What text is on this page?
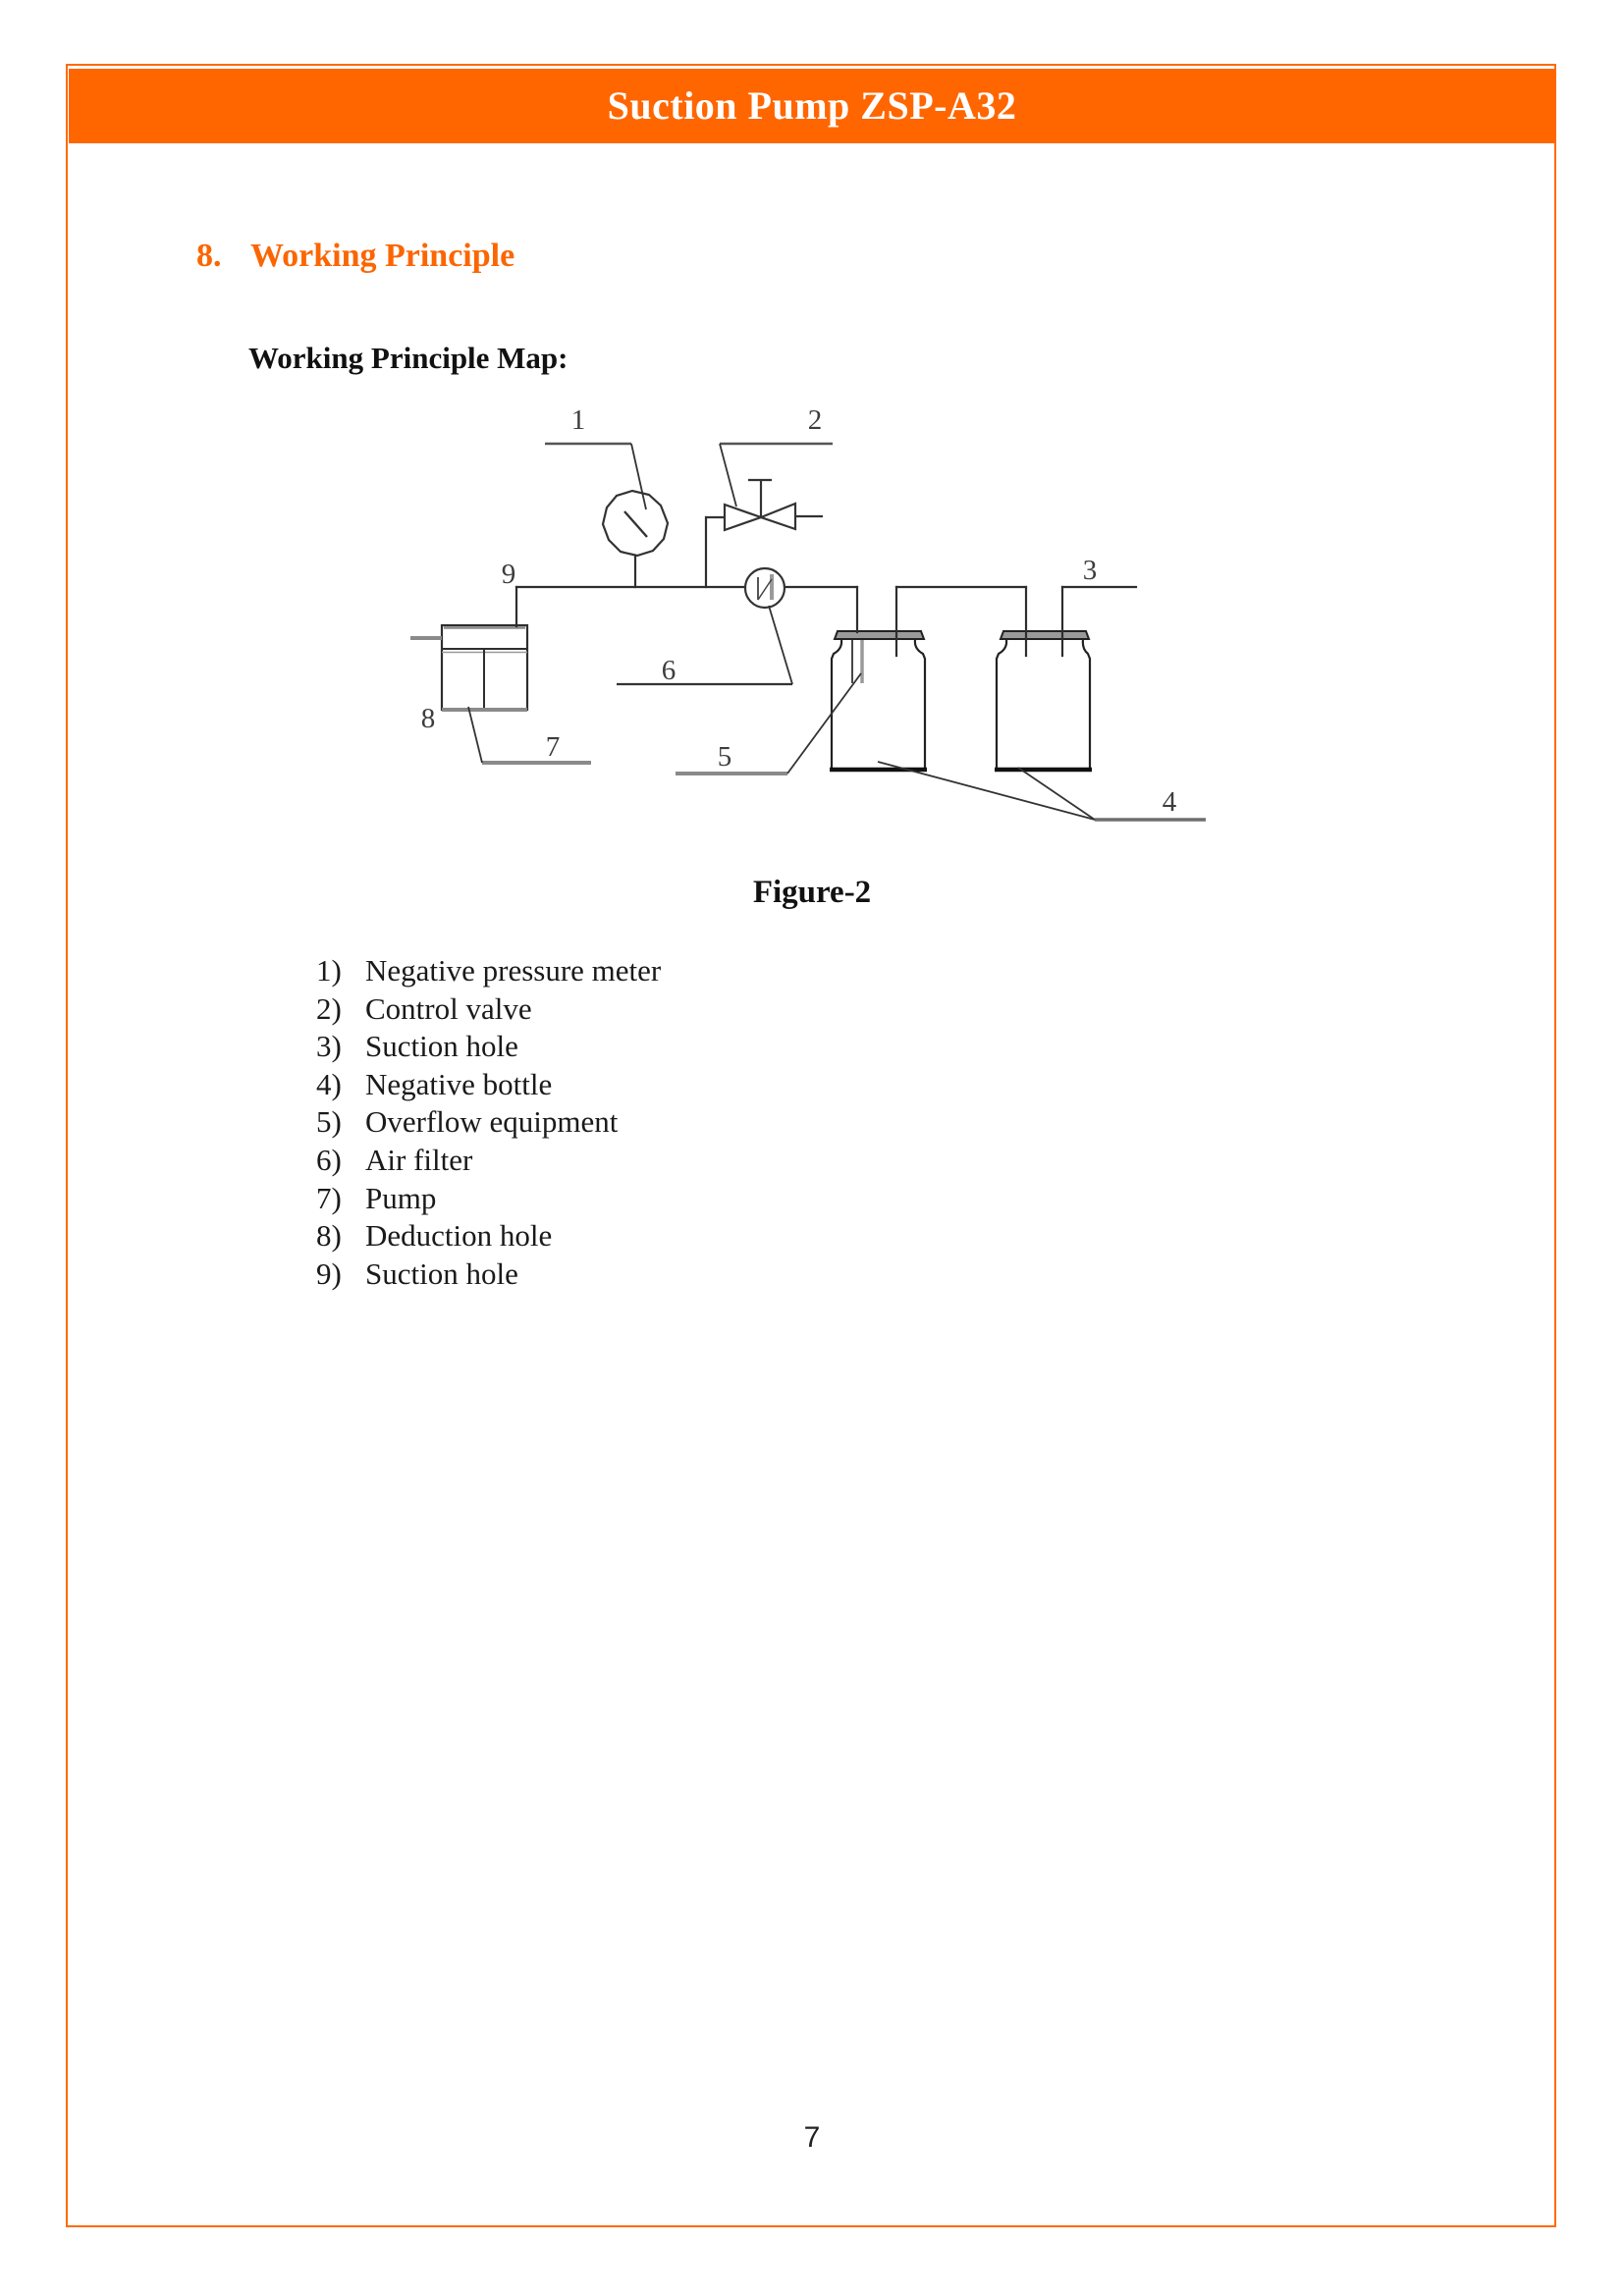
Suction Pump ZSP-A32
8. Working Principle
Working Principle Map:
1	2
3
4
5
6
7
8
9
Figure-2
1) Negative pressure meter
2) Control valve
3) Suction hole
4) Negative bottle
5) Overflow equipment
6) Air filter
7) Pump
8) Deduction hole
9) Suction hole
7
